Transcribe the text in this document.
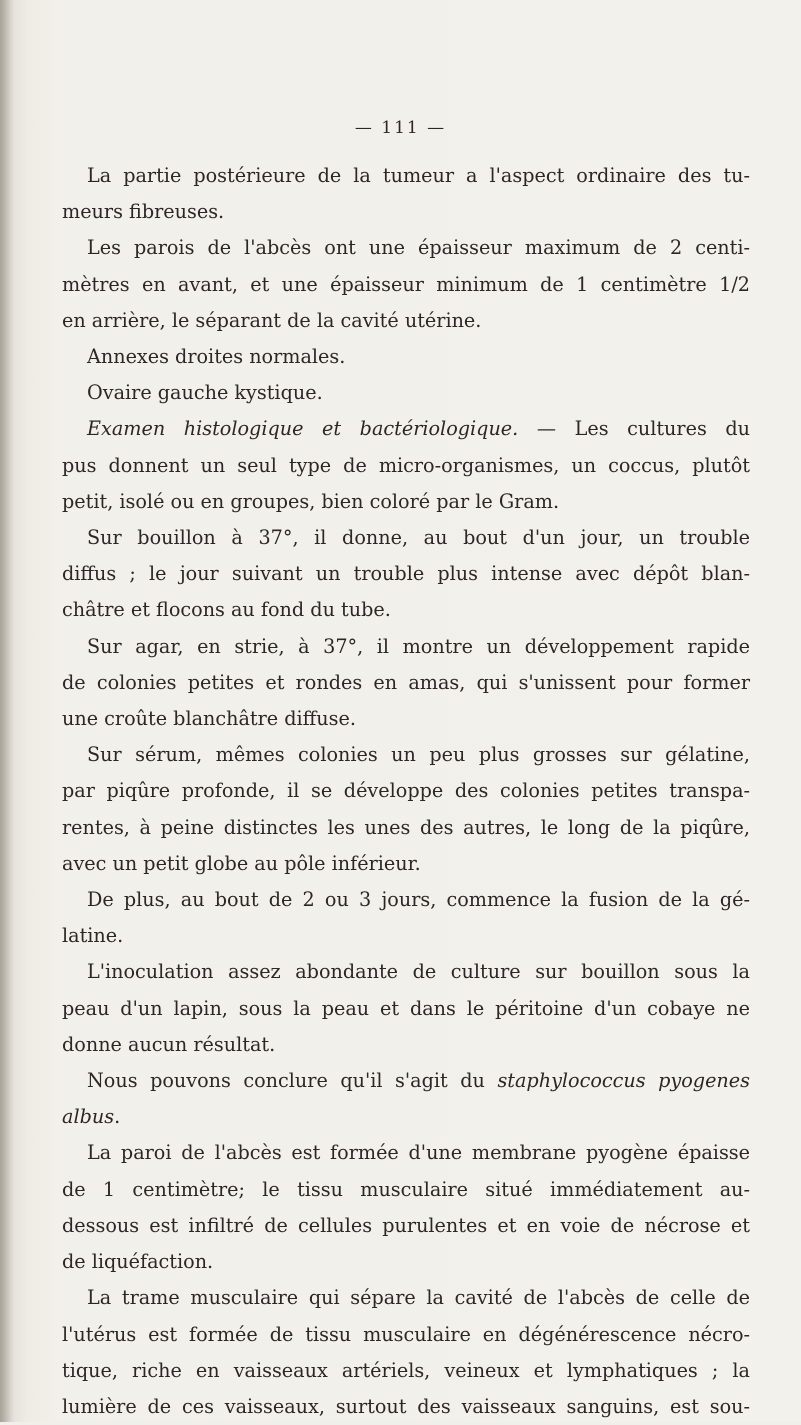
— 111 —
La partie postérieure de la tumeur a l'aspect ordinaire des tu-
meurs fibreuses.
Les parois de l'abcès ont une épaisseur maximum de 2 centi-
mètres en avant, et une épaisseur minimum de 1 centimètre 1/2
en arrière, le séparant de la cavité utérine.
Annexes droites normales.
Ovaire gauche kystique.
Examen histologique et bactériologique. — Les cultures du
pus donnent un seul type de micro-organismes, un coccus, plutôt
petit, isolé ou en groupes, bien coloré par le Gram.
Sur bouillon à 37°, il donne, au bout d'un jour, un trouble
diffus ; le jour suivant un trouble plus intense avec dépôt blan-
châtre et flocons au fond du tube.
Sur agar, en strie, à 37°, il montre un développement rapide
de colonies petites et rondes en amas, qui s'unissent pour former
une croûte blanchâtre diffuse.
Sur sérum, mêmes colonies un peu plus grosses sur gélatine,
par piqûre profonde, il se développe des colonies petites transpa-
rentes, à peine distinctes les unes des autres, le long de la piqûre,
avec un petit globe au pôle inférieur.
De plus, au bout de 2 ou 3 jours, commence la fusion de la gé-
latine.
L'inoculation assez abondante de culture sur bouillon sous la
peau d'un lapin, sous la peau et dans le péritoine d'un cobaye ne
donne aucun résultat.
Nous pouvons conclure qu'il s'agit du staphylococcus pyogenes
albus.
La paroi de l'abcès est formée d'une membrane pyogène épaisse
de 1 centimètre; le tissu musculaire situé immédiatement au-
dessous est infiltré de cellules purulentes et en voie de nécrose et
de liquéfaction.
La trame musculaire qui sépare la cavité de l'abcès de celle de
l'utérus est formée de tissu musculaire en dégénérescence nécro-
tique, riche en vaisseaux artériels, veineux et lymphatiques ; la
lumière de ces vaisseaux, surtout des vaisseaux sanguins, est sou-
